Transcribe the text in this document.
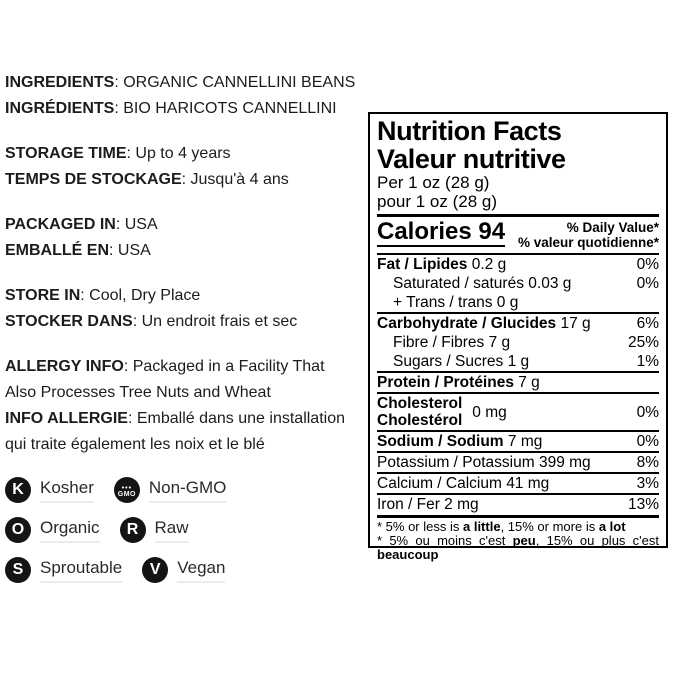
INGREDIENTS: ORGANIC CANNELLINI BEANS
INGRÉDIENTS: BIO HARICOTS CANNELLINI
STORAGE TIME: Up to 4 years
TEMPS DE STOCKAGE: Jusqu'à 4 ans
PACKAGED IN: USA
EMBALLÉ EN: USA
STORE IN: Cool, Dry Place
STOCKER DANS: Un endroit frais et sec
ALLERGY INFO: Packaged in a Facility That
Also Processes Tree Nuts and Wheat
INFO ALLERGIE: Emballé dans une installation
qui traite également les noix et le blé
K Kosher	•••
GMO Non-GMO
O Organic	R Raw
S Sproutable	V Vegan
Nutrition Facts
Valeur nutritive
Per 1 oz (28 g)
pour 1 oz (28 g)
Calories 94	% Daily Value*
% valeur quotidienne*
Fat / Lipides 0.2 g	0%
Saturated / saturés 0.03 g	0%
+ Trans / trans 0 g
Carbohydrate / Glucides 17 g	6%
Fibre / Fibres 7 g	25%
Sugars / Sucres 1 g	1%
Protein / Protéines 7 g
Cholesterol
Cholestérol 0 mg	0%
Sodium / Sodium 7 mg	0%
Potassium / Potassium 399 mg	8%
Calcium / Calcium 41 mg	3%
Iron / Fer 2 mg	13%
* 5% or less is a little, 15% or more is a lot
* 5% ou moins c'est peu, 15% ou plus c'est
beaucoup
